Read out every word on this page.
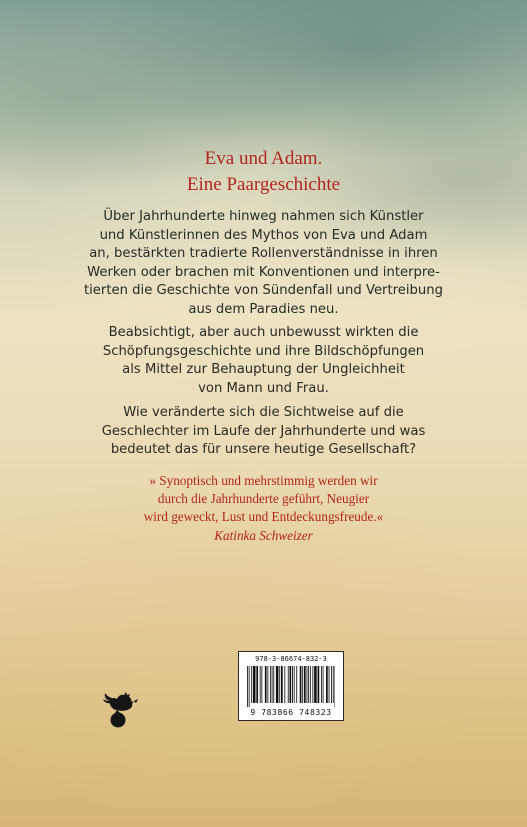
Eva und Adam.
Eine Paargeschichte

Über Jahrhunderte hinweg nahmen sich Künstler
und Künstlerinnen des Mythos von Eva und Adam
an, bestärkten tradierte Rollenverständnisse in ihren
Werken oder brachen mit Konventionen und interpre-
tierten die Geschichte von Sündenfall und Vertreibung
aus dem Paradies neu.

Beabsichtigt, aber auch unbewusst wirkten die
Schöpfungsgeschichte und ihre Bildschöpfungen
als Mittel zur Behauptung der Ungleichheit
von Mann und Frau.

Wie veränderte sich die Sichtweise auf die
Geschlechter im Laufe der Jahrhunderte und was
bedeutet das für unsere heutige Gesellschaft?

» Synoptisch und mehrstimmig werden wir
durch die Jahrhunderte geführt, Neugier
wird geweckt, Lust und Entdeckungsfreude.«
Katinka Schweizer

978-3-86674-832-3
9 783866 748323
